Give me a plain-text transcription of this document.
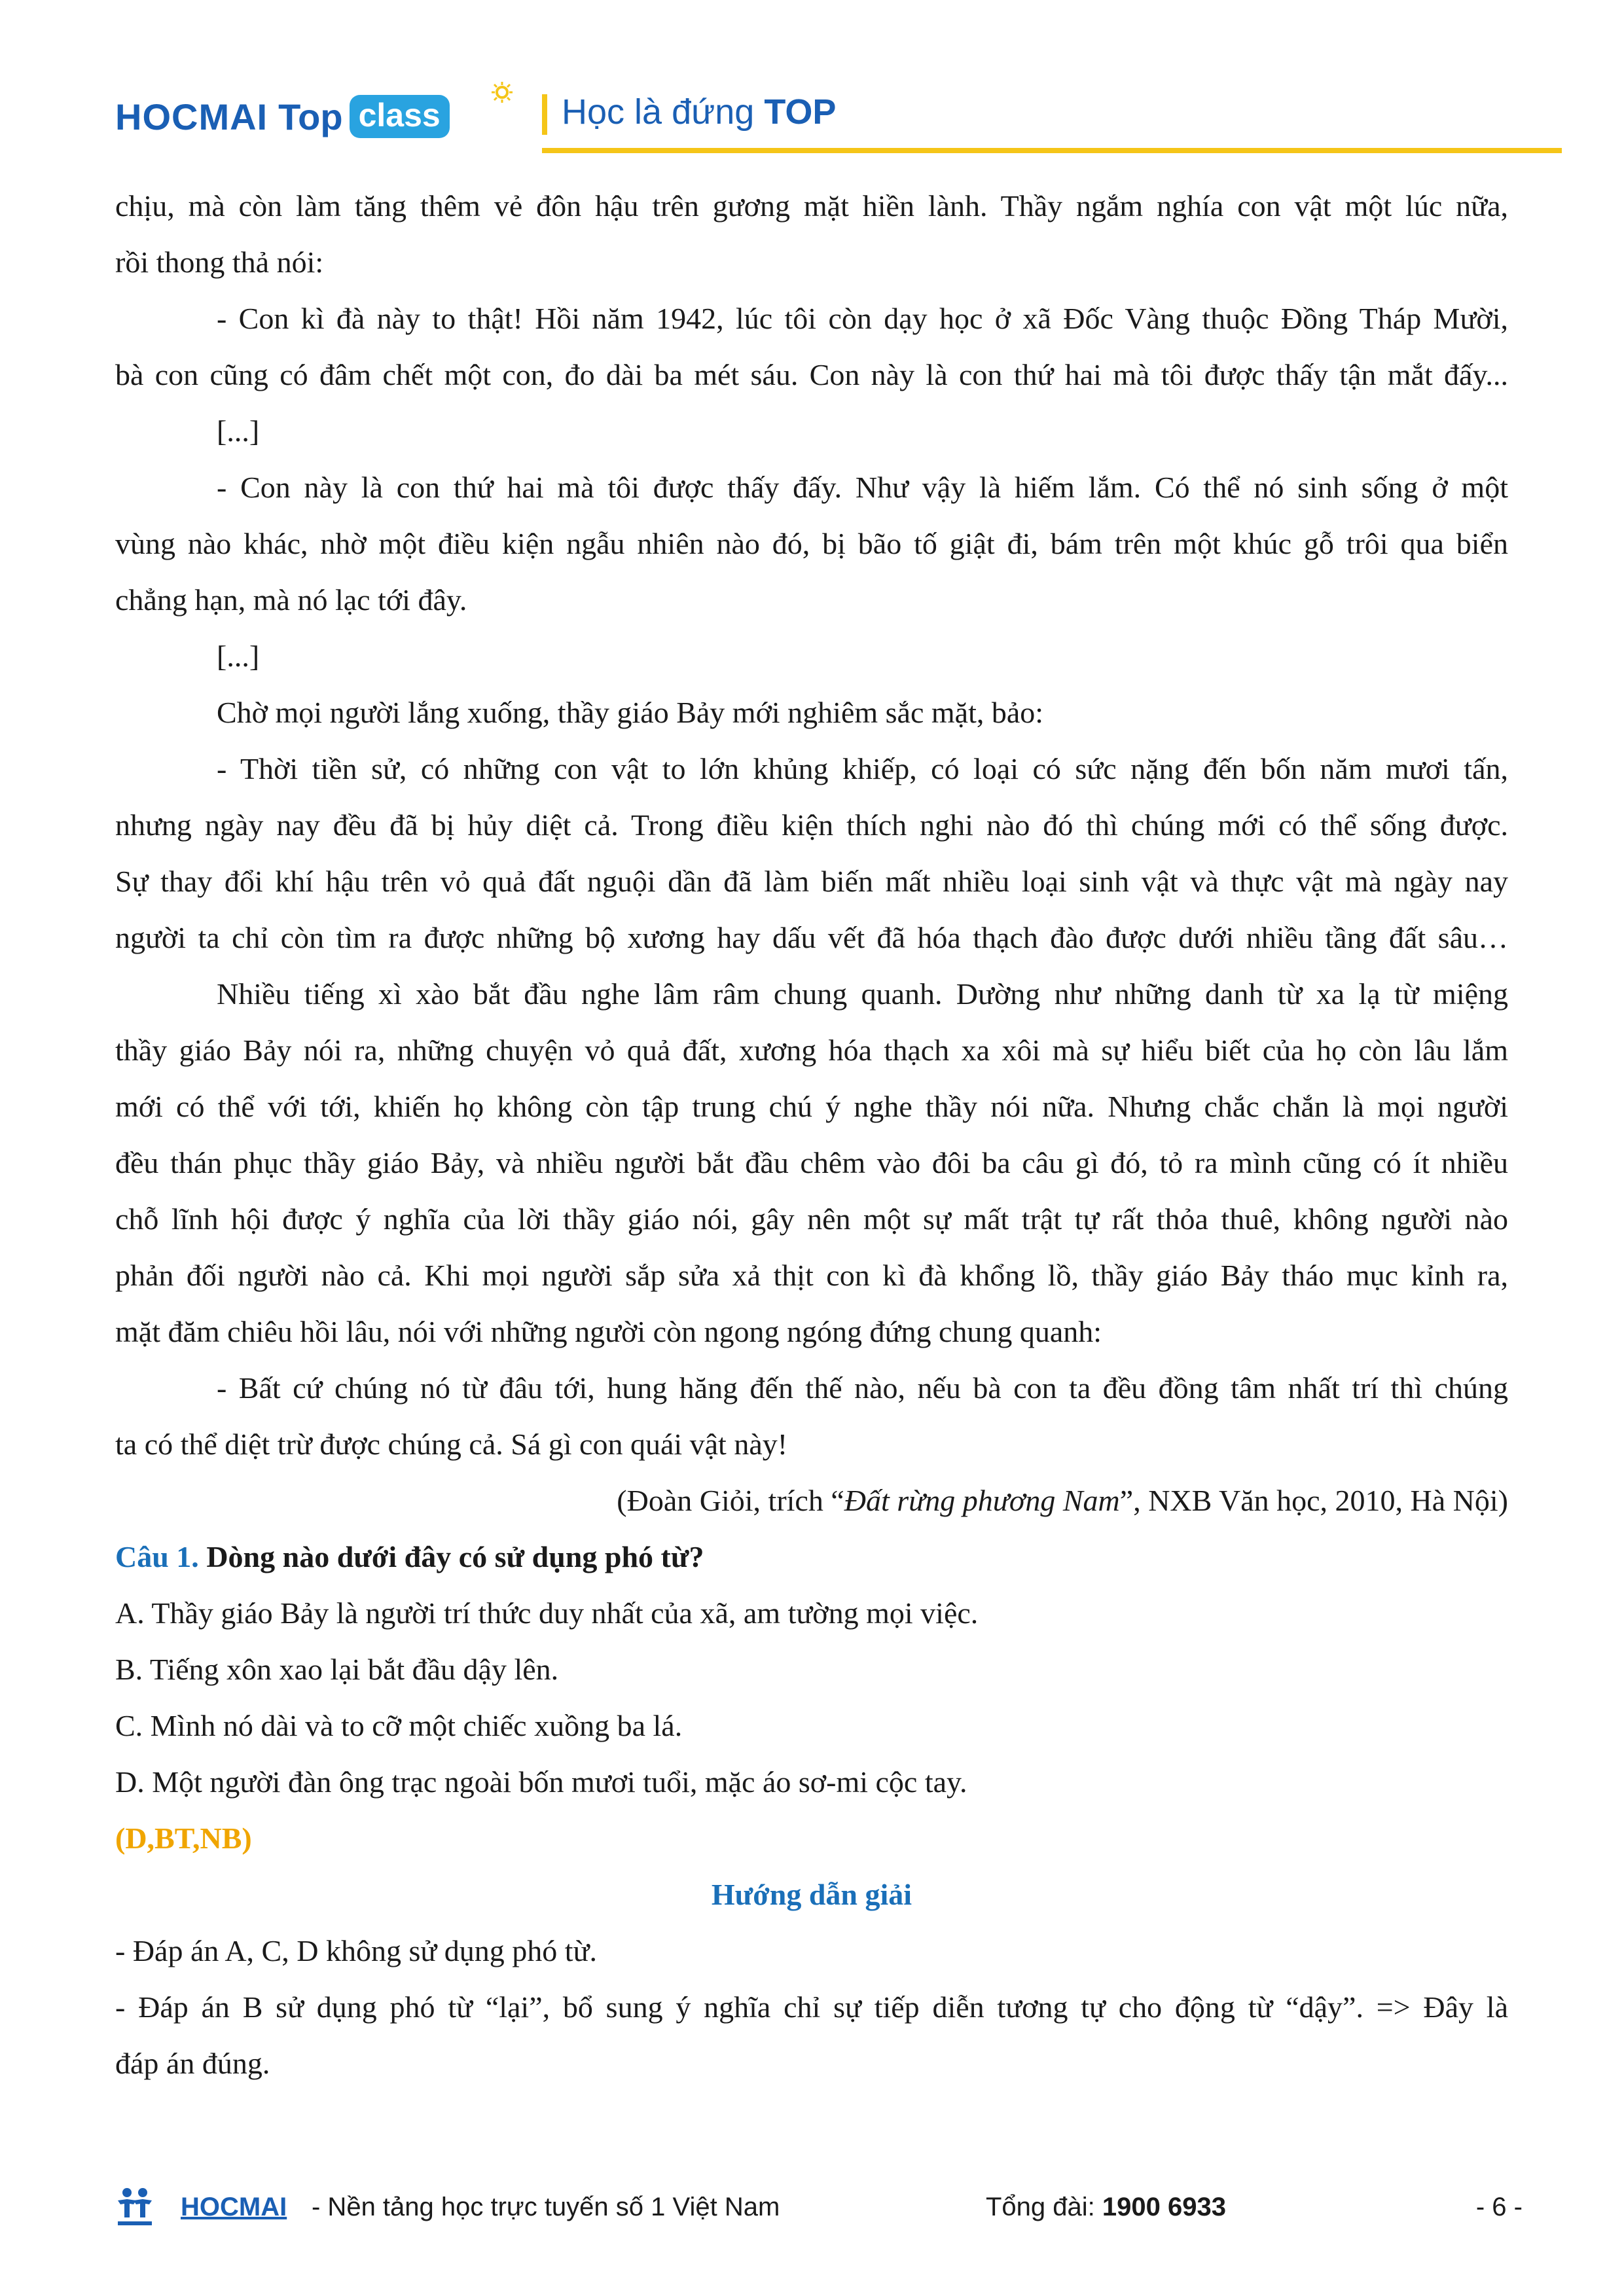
HOCMAI Top class	Học là đứng TOP
chịu, mà còn làm tăng thêm vẻ đôn hậu trên gương mặt hiền lành. Thầy ngắm nghía con vật một lúc nữa,
rồi thong thả nói:
- Con kì đà này to thật! Hồi năm 1942, lúc tôi còn dạy học ở xã Đốc Vàng thuộc Đồng Tháp Mười,
bà con cũng có đâm chết một con, đo dài ba mét sáu. Con này là con thứ hai mà tôi được thấy tận mắt đấy...
[...]
- Con này là con thứ hai mà tôi được thấy đấy. Như vậy là hiếm lắm. Có thể nó sinh sống ở một
vùng nào khác, nhờ một điều kiện ngẫu nhiên nào đó, bị bão tố giật đi, bám trên một khúc gỗ trôi qua biển
chẳng hạn, mà nó lạc tới đây.
[...]
Chờ mọi người lắng xuống, thầy giáo Bảy mới nghiêm sắc mặt, bảo:
- Thời tiền sử, có những con vật to lớn khủng khiếp, có loại có sức nặng đến bốn năm mươi tấn,
nhưng ngày nay đều đã bị hủy diệt cả. Trong điều kiện thích nghi nào đó thì chúng mới có thể sống được.
Sự thay đổi khí hậu trên vỏ quả đất nguội dần đã làm biến mất nhiều loại sinh vật và thực vật mà ngày nay
người ta chỉ còn tìm ra được những bộ xương hay dấu vết đã hóa thạch đào được dưới nhiều tầng đất sâu…
Nhiều tiếng xì xào bắt đầu nghe lâm râm chung quanh. Dường như những danh từ xa lạ từ miệng
thầy giáo Bảy nói ra, những chuyện vỏ quả đất, xương hóa thạch xa xôi mà sự hiểu biết của họ còn lâu lắm
mới có thể với tới, khiến họ không còn tập trung chú ý nghe thầy nói nữa. Nhưng chắc chắn là mọi người
đều thán phục thầy giáo Bảy, và nhiều người bắt đầu chêm vào đôi ba câu gì đó, tỏ ra mình cũng có ít nhiều
chỗ lĩnh hội được ý nghĩa của lời thầy giáo nói, gây nên một sự mất trật tự rất thỏa thuê, không người nào
phản đối người nào cả. Khi mọi người sắp sửa xả thịt con kì đà khổng lồ, thầy giáo Bảy tháo mục kỉnh ra,
mặt đăm chiêu hồi lâu, nói với những người còn ngong ngóng đứng chung quanh:
- Bất cứ chúng nó từ đâu tới, hung hăng đến thế nào, nếu bà con ta đều đồng tâm nhất trí thì chúng
ta có thể diệt trừ được chúng cả. Sá gì con quái vật này!
(Đoàn Giỏi, trích “Đất rừng phương Nam”, NXB Văn học, 2010, Hà Nội)
Câu 1. Dòng nào dưới đây có sử dụng phó từ?
A. Thầy giáo Bảy là người trí thức duy nhất của xã, am tường mọi việc.
B. Tiếng xôn xao lại bắt đầu dậy lên.
C. Mình nó dài và to cỡ một chiếc xuồng ba lá.
D. Một người đàn ông trạc ngoài bốn mươi tuổi, mặc áo sơ-mi cộc tay.
(D,BT,NB)
Hướng dẫn giải
- Đáp án A, C, D không sử dụng phó từ.
- Đáp án B sử dụng phó từ “lại”, bổ sung ý nghĩa chỉ sự tiếp diễn tương tự cho động từ “dậy”. => Đây là
đáp án đúng.
HOCMAI - Nền tảng học trực tuyến số 1 Việt Nam	Tổng đài: 1900 6933	- 6 -
